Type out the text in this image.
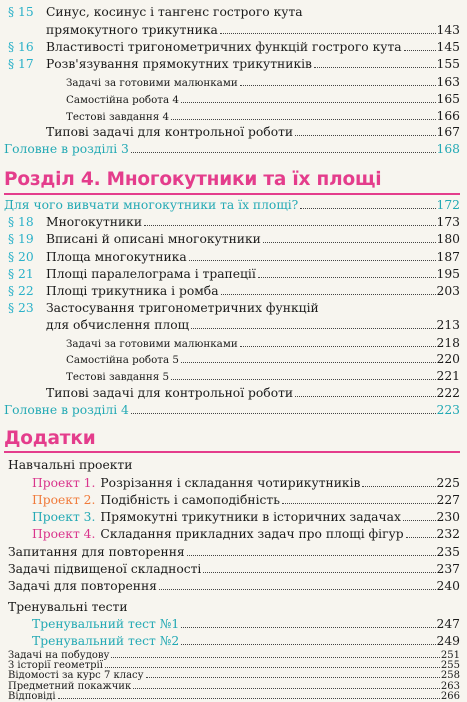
§ 15 Синус, косинус і тангенс гострого кута
прямокутного трикутника	143
§ 16 Властивості тригонометричних функцій гострого кута	145
§ 17 Розв'язування прямокутних трикутників	155
Задачі за готовими малюнками	163
Самостійна робота 4	165
Тестові завдання 4	166
Типові задачі для контрольної роботи	167
Головне в розділі 3	168
Розділ 4. Многокутники та їх площі
Для чого вивчати многокутники та їх площі?	172
§ 18 Многокутники	173
§ 19 Вписані й описані многокутники	180
§ 20 Площа многокутника	187
§ 21 Площі паралелограма і трапеції	195
§ 22 Площі трикутника і ромба	203
§ 23 Застосування тригонометричних функцій
для обчислення площ	213
Задачі за готовими малюнками	218
Самостійна робота 5	220
Тестові завдання 5	221
Типові задачі для контрольної роботи	222
Головне в розділі 4	223
Додатки
Навчальні проекти
Проект 1. Розрізання і складання чотирикутників	225
Проект 2. Подібність і самоподібність	227
Проект 3. Прямокутні трикутники в історичних задачах	230
Проект 4. Складання прикладних задач про площі фігур	232
Запитання для повторення	235
Задачі підвищеної складності	237
Задачі для повторення	240
Тренувальні тести
Тренувальний тест №1	247
Тренувальний тест №2	249
Задачі на побудову	251
З історії геометрії	255
Відомості за курс 7 класу	258
Предметний покажчик	263
Відповіді	266
